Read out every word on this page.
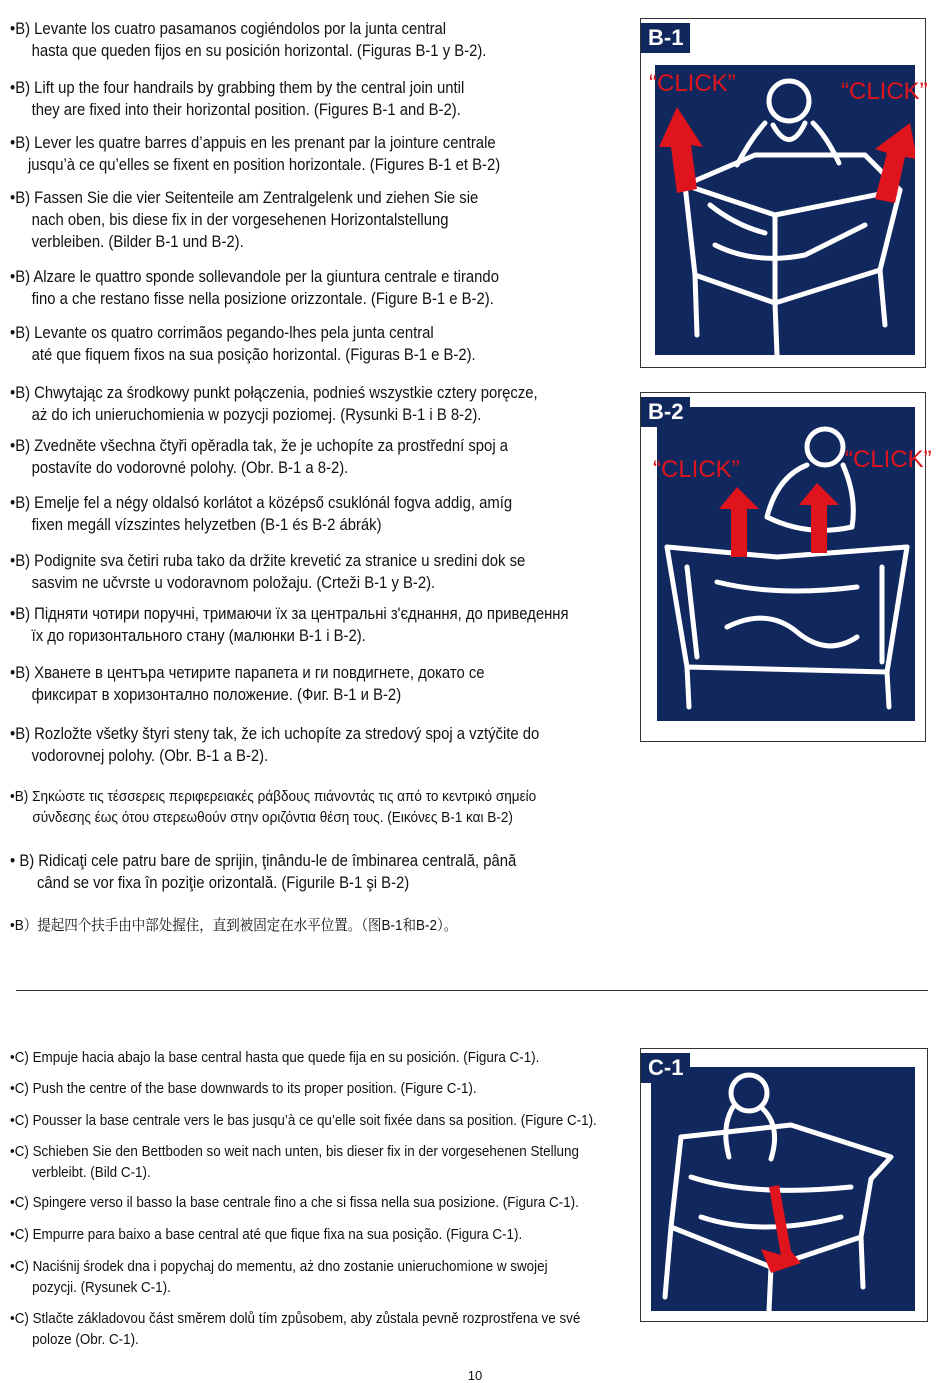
•B) Levante los cuatro pasamanos cogiéndolos por la junta central
hasta que queden fijos en su posición horizontal. (Figuras B-1 y B-2).
•B) Lift up the four handrails by grabbing them by the central join until
they are fixed into their horizontal position. (Figures B-1 and B-2).
•B) Lever les quatre barres d’appuis en les prenant par la jointure centrale
jusqu’à ce qu’elles se fixent en position horizontale. (Figures B-1 et B-2)
•B) Fassen Sie die vier Seitenteile am Zentralgelenk und ziehen Sie sie
nach oben, bis diese fix in der vorgesehenen Horizontalstellung
verbleiben. (Bilder B-1 und B-2).
•B) Alzare le quattro sponde sollevandole per la giuntura centrale e tirando
fino a che restano fisse nella posizione orizzontale. (Figure B-1 e B-2).
•B) Levante os quatro corrimãos pegando-lhes pela junta central
até que fiquem fixos na sua posição horizontal. (Figuras B-1 e B-2).
•B) Chwytając za środkowy punkt połączenia, podnieś wszystkie cztery poręcze,
aż do ich unieruchomienia w pozycji poziomej. (Rysunki B-1 i B 8-2).
•B) Zvedněte všechna čtyři opěradla tak, že je uchopíte za prostřední spoj a
postavíte do vodorovné polohy. (Obr. B-1 a 8-2).
•B) Emelje fel a négy oldalsó korlátot a középső csuklónál fogva addig, amíg
fixen megáll vízszintes helyzetben (B-1 és B-2 ábrák)
•B) Podignite sva četiri ruba tako da držite krevetić za stranice u sredini dok se
sasvim ne učvrste u vodoravnom položaju. (Crteži B-1 y B-2).
•B) Підняти чотири поручні, тримаючи їх за центральні з'єднання, до приведення
їх до горизонтального стану (малюнки B-1 і B-2).
•B) Хванете в центъра четирите парапета и ги повдигнете, докато се
фиксират в хоризонтално положение. (Фиг. B-1 и B-2)
•B) Rozložte všetky štyri steny tak, že ich uchopíte za stredový spoj a vztýčite do
vodorovnej polohy. (Obr. B-1 a B-2).
•B) Σηκώστε τις τέσσερεις περιφερειακές ράβδους πιάνοντάς τις από το κεντρικό σημείο
σύνδεσης έως ότου στερεωθούν στην οριζόντια θέση τους. (Εικόνες B-1 και B-2)
• B) Ridicaţi cele patru bare de sprijin, ţinându-le de îmbinarea centrală, până
când se vor fixa în poziţie orizontală. (Figurile B-1 şi B-2)
•B）提起四个扶手由中部处握住，直到被固定在水平位置。（图B-1和B-2）。
B-1
“CLICK”	“CLICK”
B-2
“CLICK”	“CLICK”
•C) Empuje hacia abajo la base central hasta que quede fija en su posición. (Figura C-1).
•C) Push the centre of the base downwards to its proper position. (Figure C-1).
•C) Pousser la base centrale vers le bas jusqu’à ce qu’elle soit fixée dans sa position. (Figure C-1).
•C) Schieben Sie den Bettboden so weit nach unten, bis dieser fix in der vorgesehenen Stellung
verbleibt. (Bild C-1).
•C) Spingere verso il basso la base centrale fino a che si fissa nella sua posizione. (Figura C-1).
•C) Empurre para baixo a base central até que fique fixa na sua posição. (Figura C-1).
•C) Naciśnij środek dna i popychaj do mementu, aż dno zostanie unieruchomione w swojej
pozycji. (Rysunek C-1).
•C) Stlačte základovou část směrem dolů tím způsobem, aby zůstala pevně rozprostřena ve své
poloze (Obr. C-1).
C-1
10
